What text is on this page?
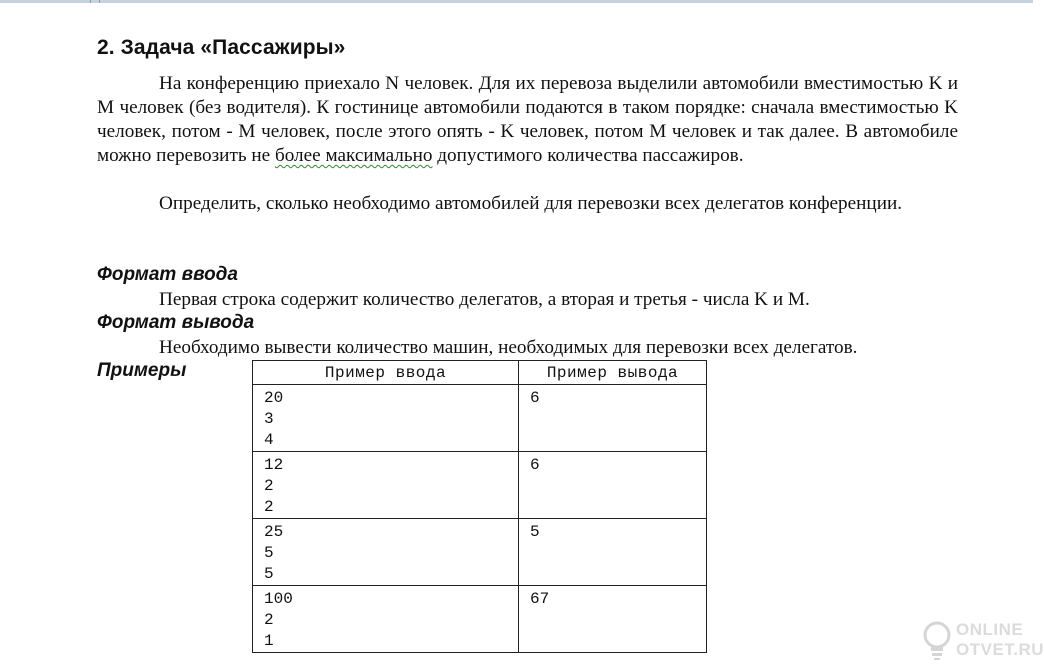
2. Задача «Пассажиры»
На конференцию приехало N человек. Для их перевоза выделили автомобили вместимостью K и M человек (без водителя). К гостинице автомобили подаются в таком порядке: сначала вместимостью K человек, потом - M человек, после этого опять - K человек, потом M человек и так далее. В автомобиле можно перевозить не более максимально допустимого количества пассажиров.
Определить, сколько необходимо автомобилей для перевозки всех делегатов конференции.
Формат ввода
Первая строка содержит количество делегатов, а вторая и третья - числа K и M.
Формат вывода
Необходимо вывести количество машин, необходимых для перевозки всех делегатов.
Примеры	Пример ввода	Пример вывода

20
3
4	6

12
2
2	6

25
5
5	5

100
2
1	67
ONLINE
OTVET.RU
